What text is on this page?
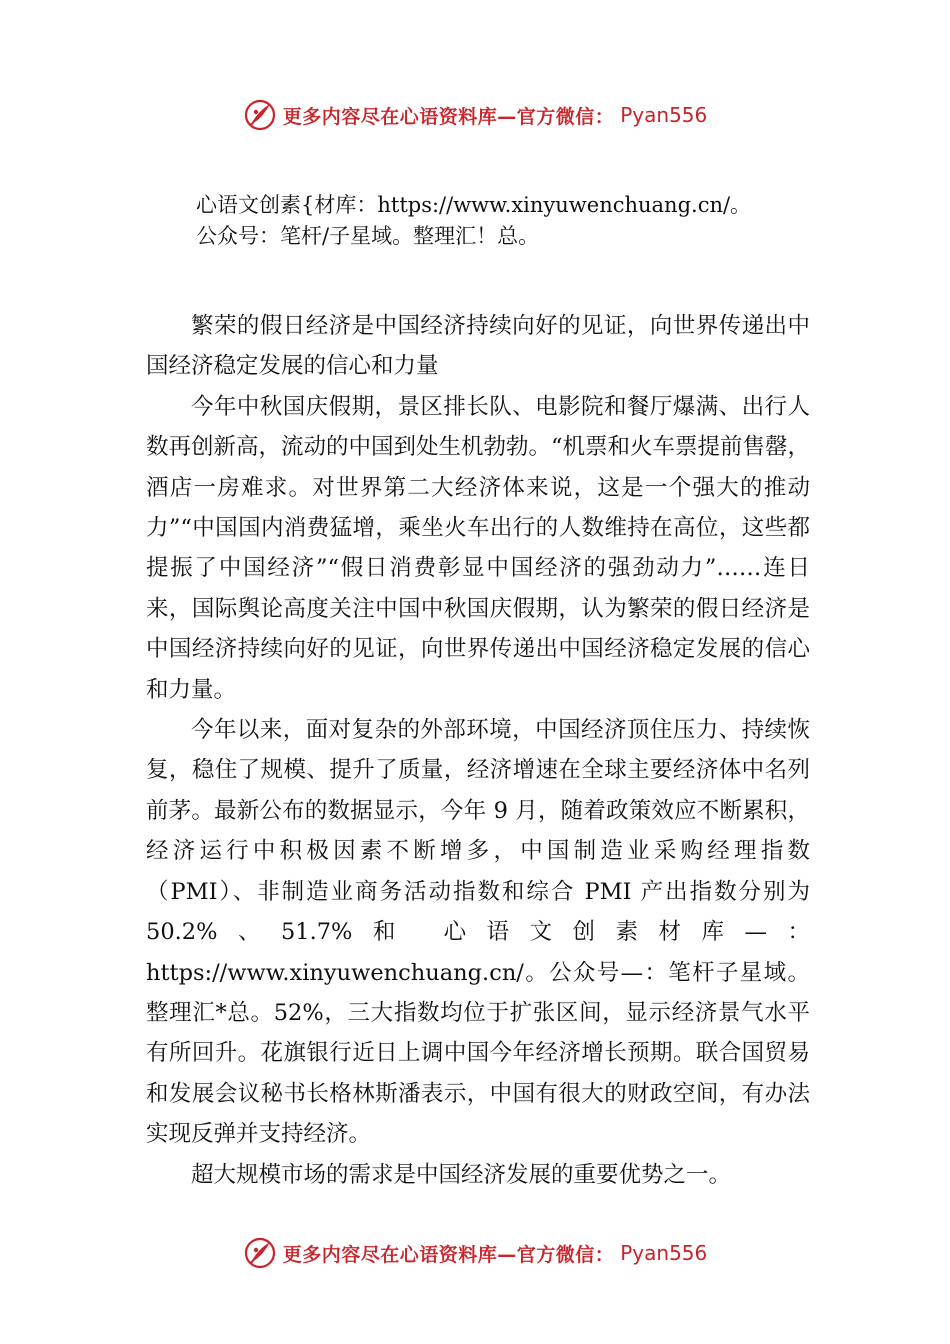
更多内容尽在心语资料库—官方微信： Pyan556

心语文创素{材库：https://www.xinyuwenchuang.cn/。

公众号：笔杆/子星域。整理汇！总。

繁荣的假日经济是中国经济持续向好的见证，向世界传递出中国经济稳定发展的信心和力量

今年中秋国庆假期，景区排长队、电影院和餐厅爆满、出行人数再创新高，流动的中国到处生机勃勃。“机票和火车票提前售罄，酒店一房难求。对世界第二大经济体来说，这是一个强大的推动力”“中国国内消费猛增，乘坐火车出行的人数维持在高位，这些都提振了中国经济”“假日消费彰显中国经济的强劲动力”……连日来，国际舆论高度关注中国中秋国庆假期，认为繁荣的假日经济是中国经济持续向好的见证，向世界传递出中国经济稳定发展的信心和力量。

今年以来，面对复杂的外部环境，中国经济顶住压力、持续恢复，稳住了规模、提升了质量，经济增速在全球主要经济体中名列前茅。最新公布的数据显示，今年 9 月，随着政策效应不断累积，经济运行中积极因素不断增多，中国制造业采购经理指数（PMI）、非制造业商务活动指数和综合 PMI 产出指数分别为 50.2%、51.7%和 心语文创素材库—：https://www.xinyuwenchuang.cn/。公众号—：笔杆子星域。整理汇*总。52%，三大指数均位于扩张区间，显示经济景气水平有所回升。花旗银行近日上调中国今年经济增长预期。联合国贸易和发展会议秘书长格林斯潘表示，中国有很大的财政空间，有办法实现反弹并支持经济。

超大规模市场的需求是中国经济发展的重要优势之一。

更多内容尽在心语资料库—官方微信： Pyan556
